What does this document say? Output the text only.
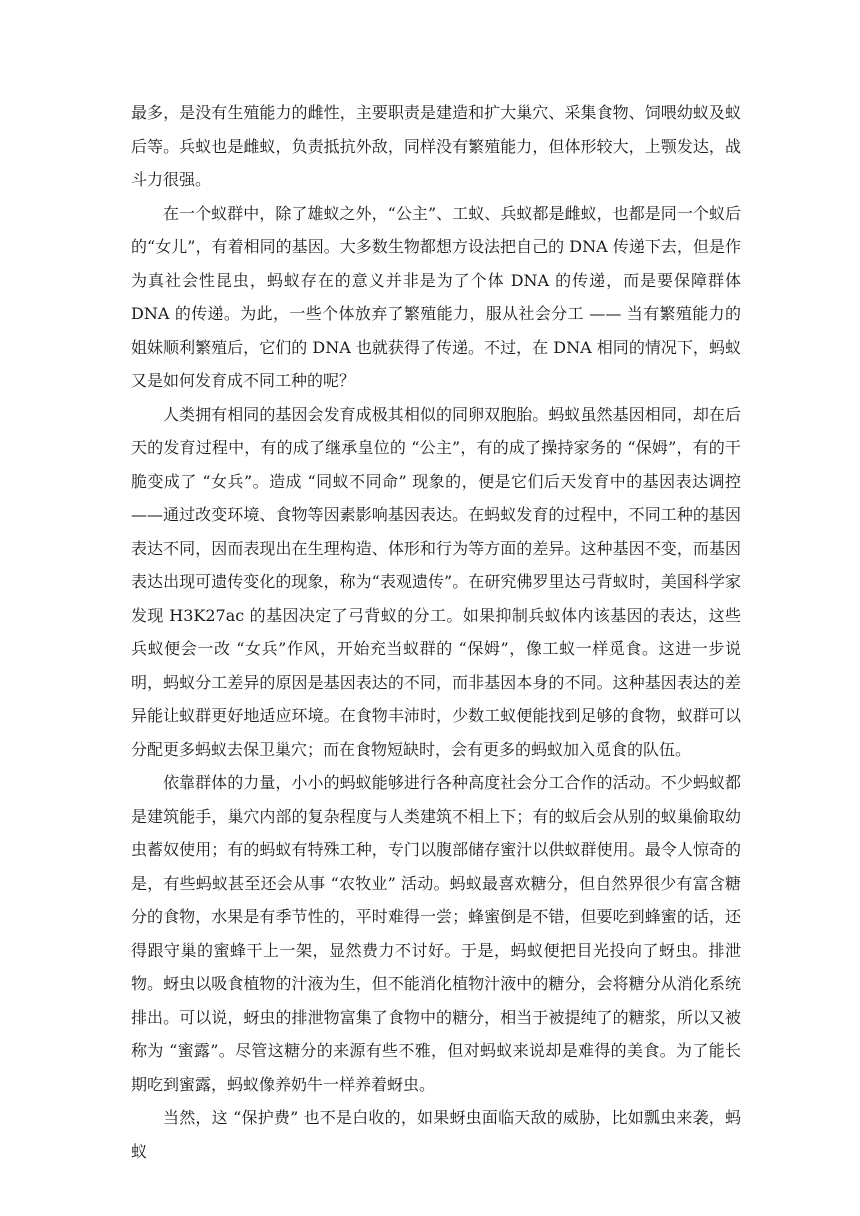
最多，是没有生殖能力的雌性，主要职责是建造和扩大巢穴、采集食物、饲喂幼蚁及蚁后等。兵蚁也是雌蚁，负责抵抗外敌，同样没有繁殖能力，但体形较大，上颚发达，战斗力很强。

在一个蚁群中，除了雄蚁之外，“公主”、工蚁、兵蚁都是雌蚁，也都是同一个蚁后的“女儿”，有着相同的基因。大多数生物都想方设法把自己的 DNA 传递下去，但是作为真社会性昆虫，蚂蚁存在的意义并非是为了个体 DNA 的传递，而是要保障群体 DNA 的传递。为此，一些个体放弃了繁殖能力，服从社会分工 —— 当有繁殖能力的姐妹顺利繁殖后，它们的 DNA 也就获得了传递。不过，在 DNA 相同的情况下，蚂蚁又是如何发育成不同工种的呢？

人类拥有相同的基因会发育成极其相似的同卵双胞胎。蚂蚁虽然基因相同，却在后天的发育过程中，有的成了继承皇位的 “公主”，有的成了操持家务的 “保姆”，有的干脆变成了 “女兵”。造成 “同蚁不同命” 现象的，便是它们后天发育中的基因表达调控 ——通过改变环境、食物等因素影响基因表达。在蚂蚁发育的过程中，不同工种的基因表达不同，因而表现出在生理构造、体形和行为等方面的差异。这种基因不变，而基因表达出现可遗传变化的现象，称为“表观遗传”。在研究佛罗里达弓背蚁时，美国科学家发现 H3K27ac 的基因决定了弓背蚁的分工。如果抑制兵蚁体内该基因的表达，这些兵蚁便会一改 “女兵”作风，开始充当蚁群的 “保姆”，像工蚁一样觅食。这进一步说明，蚂蚁分工差异的原因是基因表达的不同，而非基因本身的不同。这种基因表达的差异能让蚁群更好地适应环境。在食物丰沛时，少数工蚁便能找到足够的食物，蚁群可以分配更多蚂蚁去保卫巢穴；而在食物短缺时，会有更多的蚂蚁加入觅食的队伍。

依靠群体的力量，小小的蚂蚁能够进行各种高度社会分工合作的活动。不少蚂蚁都是建筑能手，巢穴内部的复杂程度与人类建筑不相上下；有的蚁后会从别的蚁巢偷取幼虫蓄奴使用；有的蚂蚁有特殊工种，专门以腹部储存蜜汁以供蚁群使用。最令人惊奇的是，有些蚂蚁甚至还会从事 “农牧业” 活动。蚂蚁最喜欢糖分，但自然界很少有富含糖分的食物，水果是有季节性的，平时难得一尝；蜂蜜倒是不错，但要吃到蜂蜜的话，还得跟守巢的蜜蜂干上一架，显然费力不讨好。于是，蚂蚁便把目光投向了蚜虫。排泄物。蚜虫以吸食植物的汁液为生，但不能消化植物汁液中的糖分，会将糖分从消化系统排出。可以说，蚜虫的排泄物富集了食物中的糖分，相当于被提纯了的糖浆，所以又被称为 “蜜露”。尽管这糖分的来源有些不雅，但对蚂蚁来说却是难得的美食。为了能长期吃到蜜露，蚂蚁像养奶牛一样养着蚜虫。

当然，这 “保护费” 也不是白收的，如果蚜虫面临天敌的威胁，比如瓢虫来袭，蚂蚁
